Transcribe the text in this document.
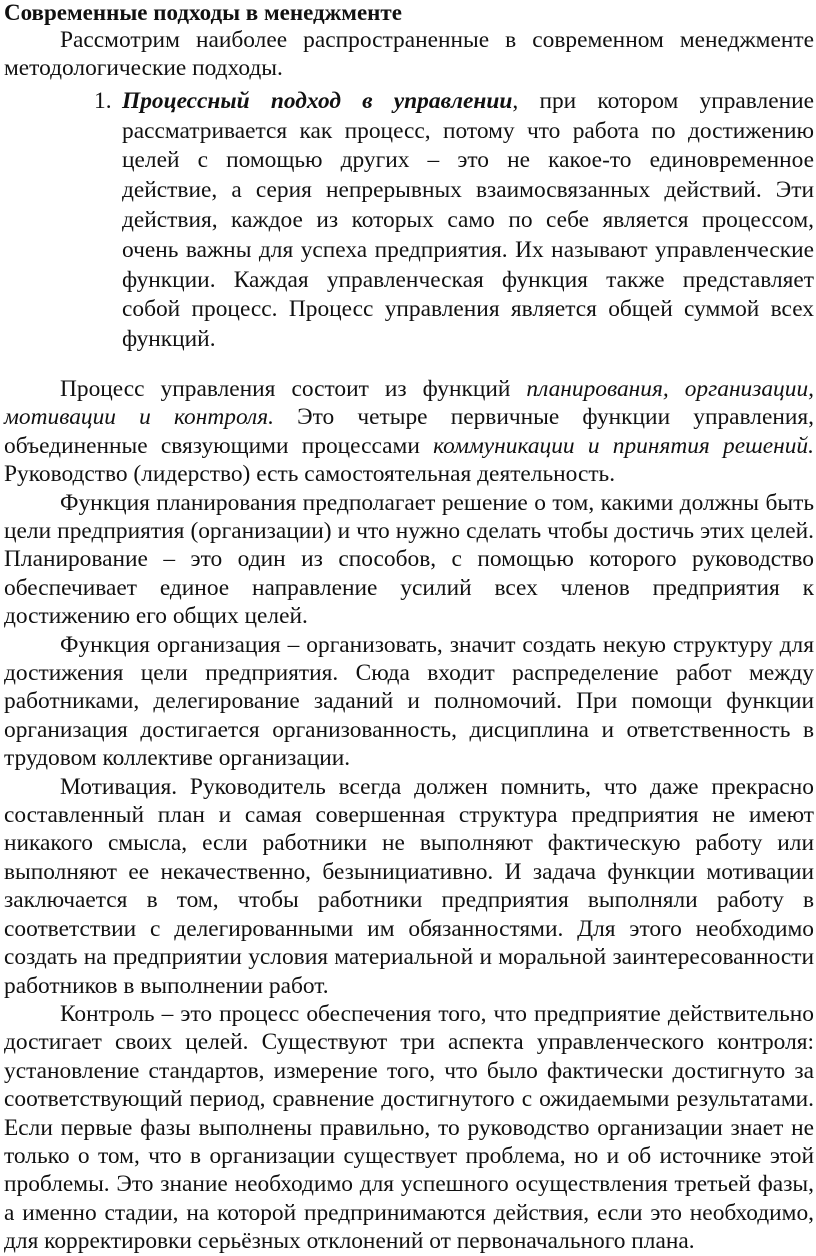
Современные подходы в менеджменте

Рассмотрим наиболее распространенные в современном менеджменте методологические подходы.

1. Процессный подход в управлении, при котором управление рассматривается как процесс, потому что работа по достижению целей с помощью других – это не какое-то единовременное действие, а серия непрерывных взаимосвязанных действий. Эти действия, каждое из которых само по себе является процессом, очень важны для успеха предприятия. Их называют управленческие функции. Каждая управленческая функция также представляет собой процесс. Процесс управления является общей суммой всех функций.

Процесс управления состоит из функций планирования, организации, мотивации и контроля. Это четыре первичные функции управления, объединенные связующими процессами коммуникации и принятия решений. Руководство (лидерство) есть самостоятельная деятельность.

Функция планирования предполагает решение о том, какими должны быть цели предприятия (организации) и что нужно сделать чтобы достичь этих целей. Планирование – это один из способов, с помощью которого руководство обеспечивает единое направление усилий всех членов предприятия к достижению его общих целей.

Функция организация – организовать, значит создать некую структуру для достижения цели предприятия. Сюда входит распределение работ между работниками, делегирование заданий и полномочий. При помощи функции организация достигается организованность, дисциплина и ответственность в трудовом коллективе организации.

Мотивация. Руководитель всегда должен помнить, что даже прекрасно составленный план и самая совершенная структура предприятия не имеют никакого смысла, если работники не выполняют фактическую работу или выполняют ее некачественно, безынициативно. И задача функции мотивации заключается в том, чтобы работники предприятия выполняли работу в соответствии с делегированными им обязанностями. Для этого необходимо создать на предприятии условия материальной и моральной заинтересованности работников в выполнении работ.

Контроль – это процесс обеспечения того, что предприятие действительно достигает своих целей. Существуют три аспекта управленческого контроля: установление стандартов, измерение того, что было фактически достигнуто за соответствующий период, сравнение достигнутого с ожидаемыми результатами. Если первые фазы выполнены правильно, то руководство организации знает не только о том, что в организации существует проблема, но и об источнике этой проблемы. Это знание необходимо для успешного осуществления третьей фазы, а именно стадии, на которой предпринимаются действия, если это необходимо, для корректировки серьёзных отклонений от первоначального плана.
